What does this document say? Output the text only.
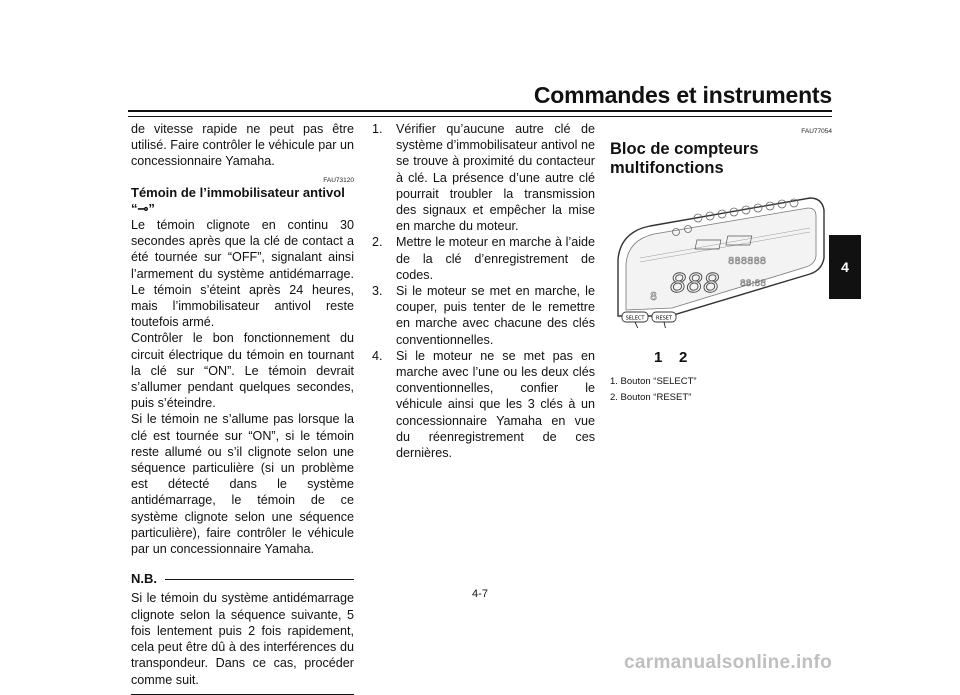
Commandes et instruments
4

de vitesse rapide ne peut pas être utilisé. Faire contrôler le véhicule par un concessionnaire Yamaha.

FAU73120
Témoin de l’immobilisateur antivol “⊸”

Le témoin clignote en continu 30 secondes après que la clé de contact a été tournée sur “OFF”, signalant ainsi l’armement du système antidémarrage. Le témoin s’éteint après 24 heures, mais l’immobilisateur antivol reste toutefois armé.

Contrôler le bon fonctionnement du circuit électrique du témoin en tournant la clé sur “ON”. Le témoin devrait s’allumer pendant quelques secondes, puis s’éteindre.

Si le témoin ne s’allume pas lorsque la clé est tournée sur “ON”, si le témoin reste allumé ou s’il clignote selon une séquence particulière (si un problème est détecté dans le système antidémarrage, le témoin de ce système clignote selon une séquence particulière), faire contrôler le véhicule par un concessionnaire Yamaha.

N.B.

Si le témoin du système antidémarrage clignote selon la séquence suivante, 5 fois lentement puis 2 fois rapidement, cela peut être dû à des interférences du transpondeur. Dans ce cas, procéder comme suit.

1. Vérifier qu’aucune autre clé de système d’immobilisateur antivol ne se trouve à proximité du contacteur à clé. La présence d’une autre clé pourrait troubler la transmission des signaux et empêcher la mise en marche du moteur.
2. Mettre le moteur en marche à l’aide de la clé d’enregistrement de codes.
3. Si le moteur se met en marche, le couper, puis tenter de le remettre en marche avec chacune des clés conventionnelles.
4. Si le moteur ne se met pas en marche avec l’une ou les deux clés conventionnelles, confier le véhicule ainsi que les 3 clés à un concessionnaire Yamaha en vue du réenregistrement de ces dernières.
FAU77054
Bloc de compteurs multifonctions
888
888888
88:88
8
SELECT RESET
1 2
1. Bouton “SELECT”
2. Bouton “RESET”
4-7
carmanualsonline.info
